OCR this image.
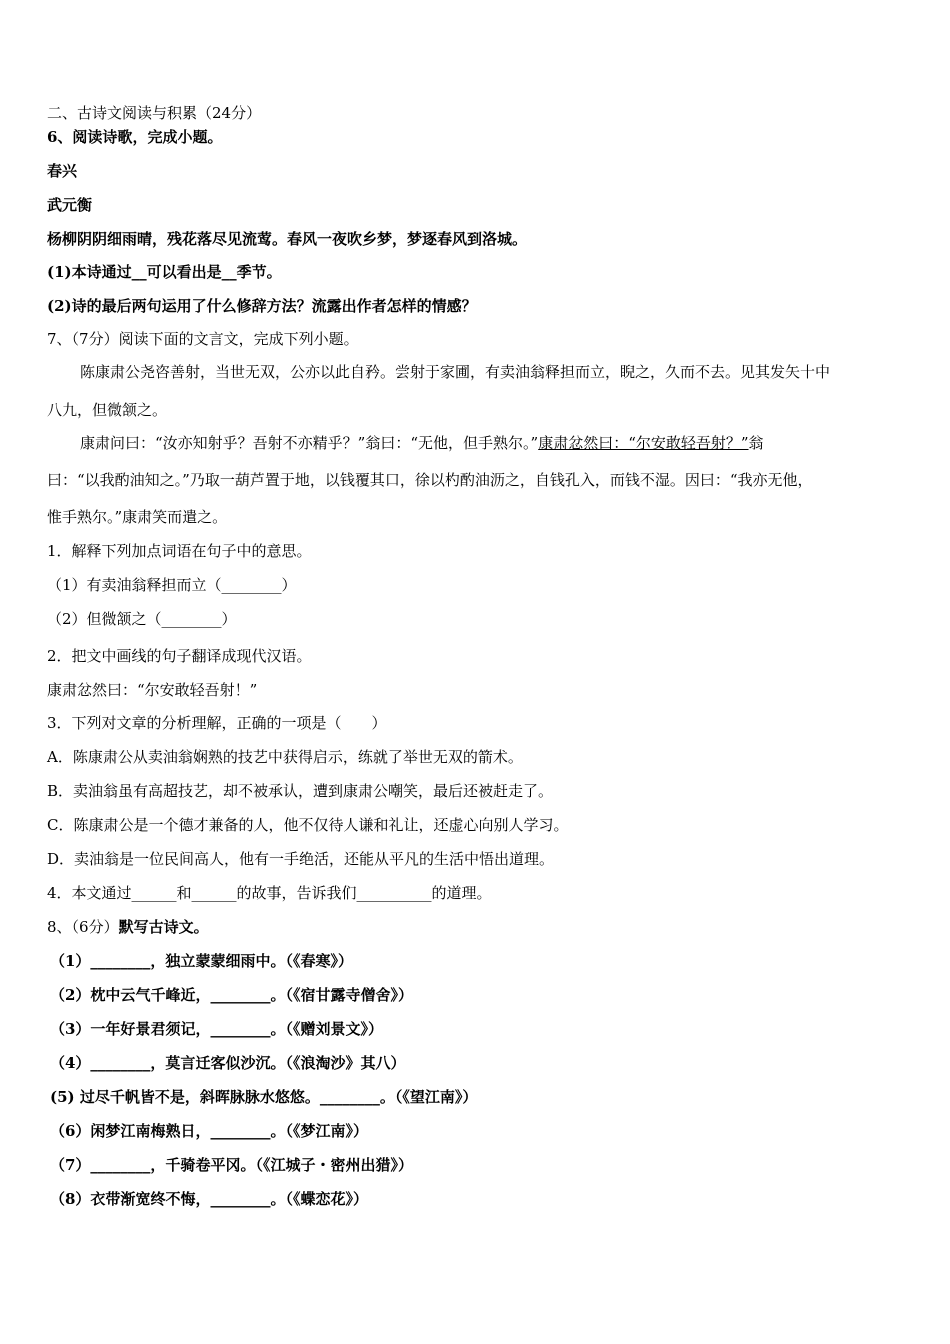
二、古诗文阅读与积累（24分）

6、阅读诗歌，完成小题。

春兴

武元衡

杨柳阴阴细雨晴，残花落尽见流莺。春风一夜吹乡梦，梦逐春风到洛城。

(1)本诗通过__可以看出是__季节。

(2)诗的最后两句运用了什么修辞方法？流露出作者怎样的情感？

7、（7分）阅读下面的文言文，完成下列小题。

陈康肃公尧咨善射，当世无双，公亦以此自矜。尝射于家圃，有卖油翁释担而立，睨之，久而不去。见其发矢十中

八九，但微颔之。

康肃问曰：“汝亦知射乎？吾射不亦精乎？”翁曰：“无他，但手熟尔。”康肃忿然曰：“尔安敢轻吾射？”翁

曰：“以我酌油知之。”乃取一葫芦置于地，以钱覆其口，徐以杓酌油沥之，自钱孔入，而钱不湿。因曰：“我亦无他，

惟手熟尔。”康肃笑而遣之。

1．解释下列加点词语在句子中的意思。

（1）有卖油翁释担而立（________）

（2）但微颔之（________）

2．把文中画线的句子翻译成现代汉语。

康肃忿然曰：“尔安敢轻吾射！”

3．下列对文章的分析理解，正确的一项是（　　）

A．陈康肃公从卖油翁娴熟的技艺中获得启示，练就了举世无双的箭术。

B．卖油翁虽有高超技艺，却不被承认，遭到康肃公嘲笑，最后还被赶走了。

C．陈康肃公是一个德才兼备的人，他不仅待人谦和礼让，还虚心向别人学习。

D．卖油翁是一位民间高人，他有一手绝活，还能从平凡的生活中悟出道理。

4．本文通过______和______的故事，告诉我们__________的道理。

8、（6分）默写古诗文。

（1）________，独立蒙蒙细雨中。（《春寒》）

（2）枕中云气千峰近，________。（《宿甘露寺僧舍》）

（3）一年好景君须记，________。（《赠刘景文》）

（4）________，莫言迁客似沙沉。（《浪淘沙》其八）

(5) 过尽千帆皆不是，斜晖脉脉水悠悠。________。（《望江南》）

（6）闲梦江南梅熟日，________。（《梦江南》）

（7）________，千骑卷平冈。（《江城子・密州出猎》）

（8）衣带渐宽终不悔，________。（《蝶恋花》）
